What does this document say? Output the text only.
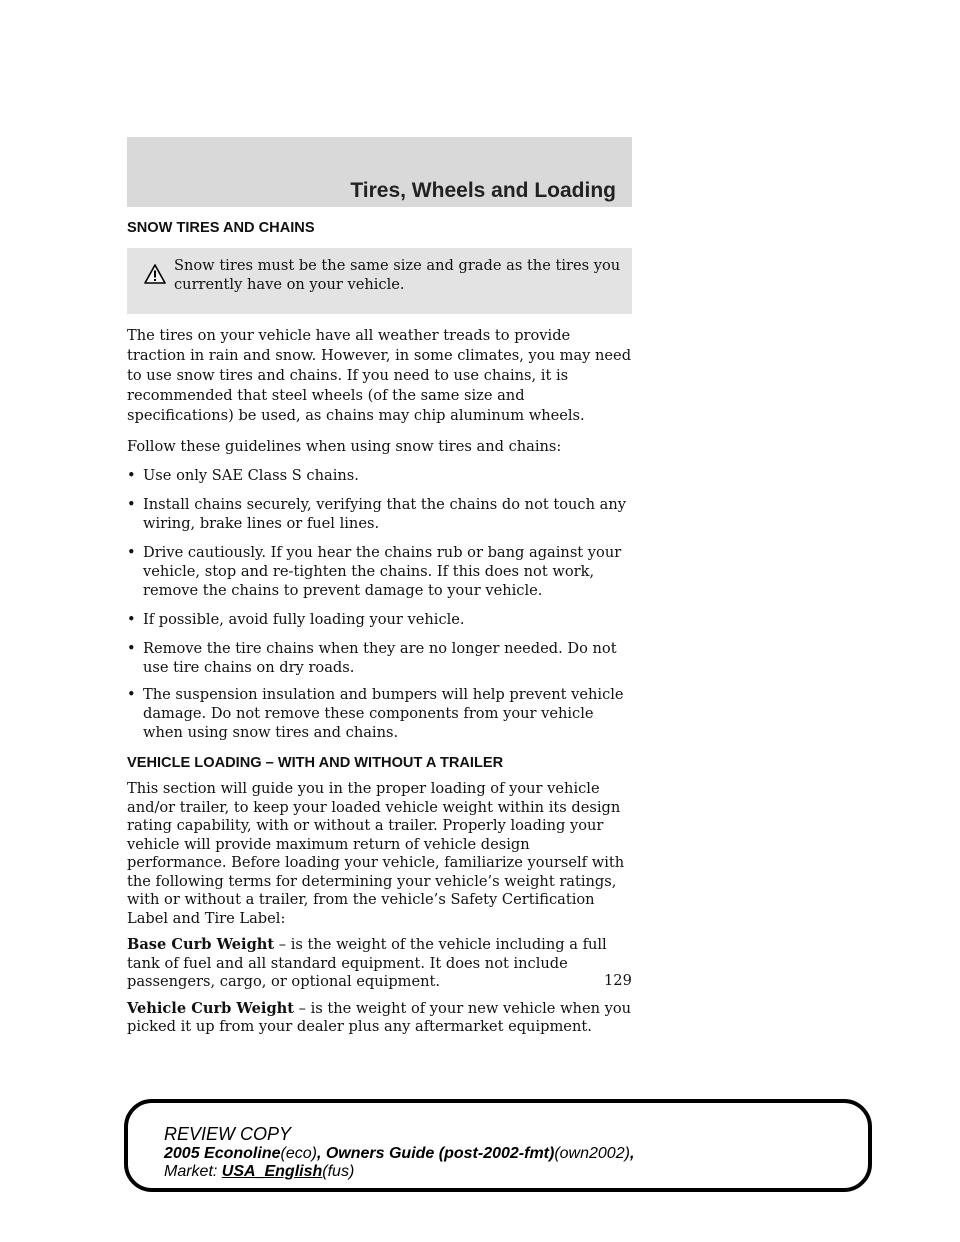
Tires, Wheels and Loading
SNOW TIRES AND CHAINS
Snow tires must be the same size and grade as the tires you currently have on your vehicle.

The tires on your vehicle have all weather treads to provide traction in rain and snow. However, in some climates, you may need to use snow tires and chains. If you need to use chains, it is recommended that steel wheels (of the same size and specifications) be used, as chains may chip aluminum wheels.

Follow these guidelines when using snow tires and chains:

• Use only SAE Class S chains.
• Install chains securely, verifying that the chains do not touch any wiring, brake lines or fuel lines.
• Drive cautiously. If you hear the chains rub or bang against your vehicle, stop and re-tighten the chains. If this does not work, remove the chains to prevent damage to your vehicle.
• If possible, avoid fully loading your vehicle.
• Remove the tire chains when they are no longer needed. Do not use tire chains on dry roads.
• The suspension insulation and bumpers will help prevent vehicle damage. Do not remove these components from your vehicle when using snow tires and chains.
VEHICLE LOADING – WITH AND WITHOUT A TRAILER

This section will guide you in the proper loading of your vehicle and/or trailer, to keep your loaded vehicle weight within its design rating capability, with or without a trailer. Properly loading your vehicle will provide maximum return of vehicle design performance. Before loading your vehicle, familiarize yourself with the following terms for determining your vehicle’s weight ratings, with or without a trailer, from the vehicle’s Safety Certification Label and Tire Label:

Base Curb Weight – is the weight of the vehicle including a full tank of fuel and all standard equipment. It does not include passengers, cargo, or optional equipment.

Vehicle Curb Weight – is the weight of your new vehicle when you picked it up from your dealer plus any aftermarket equipment.

129
REVIEW COPY
2005 Econoline(eco), Owners Guide (post-2002-fmt)(own2002),
Market: USA_English(fus)
